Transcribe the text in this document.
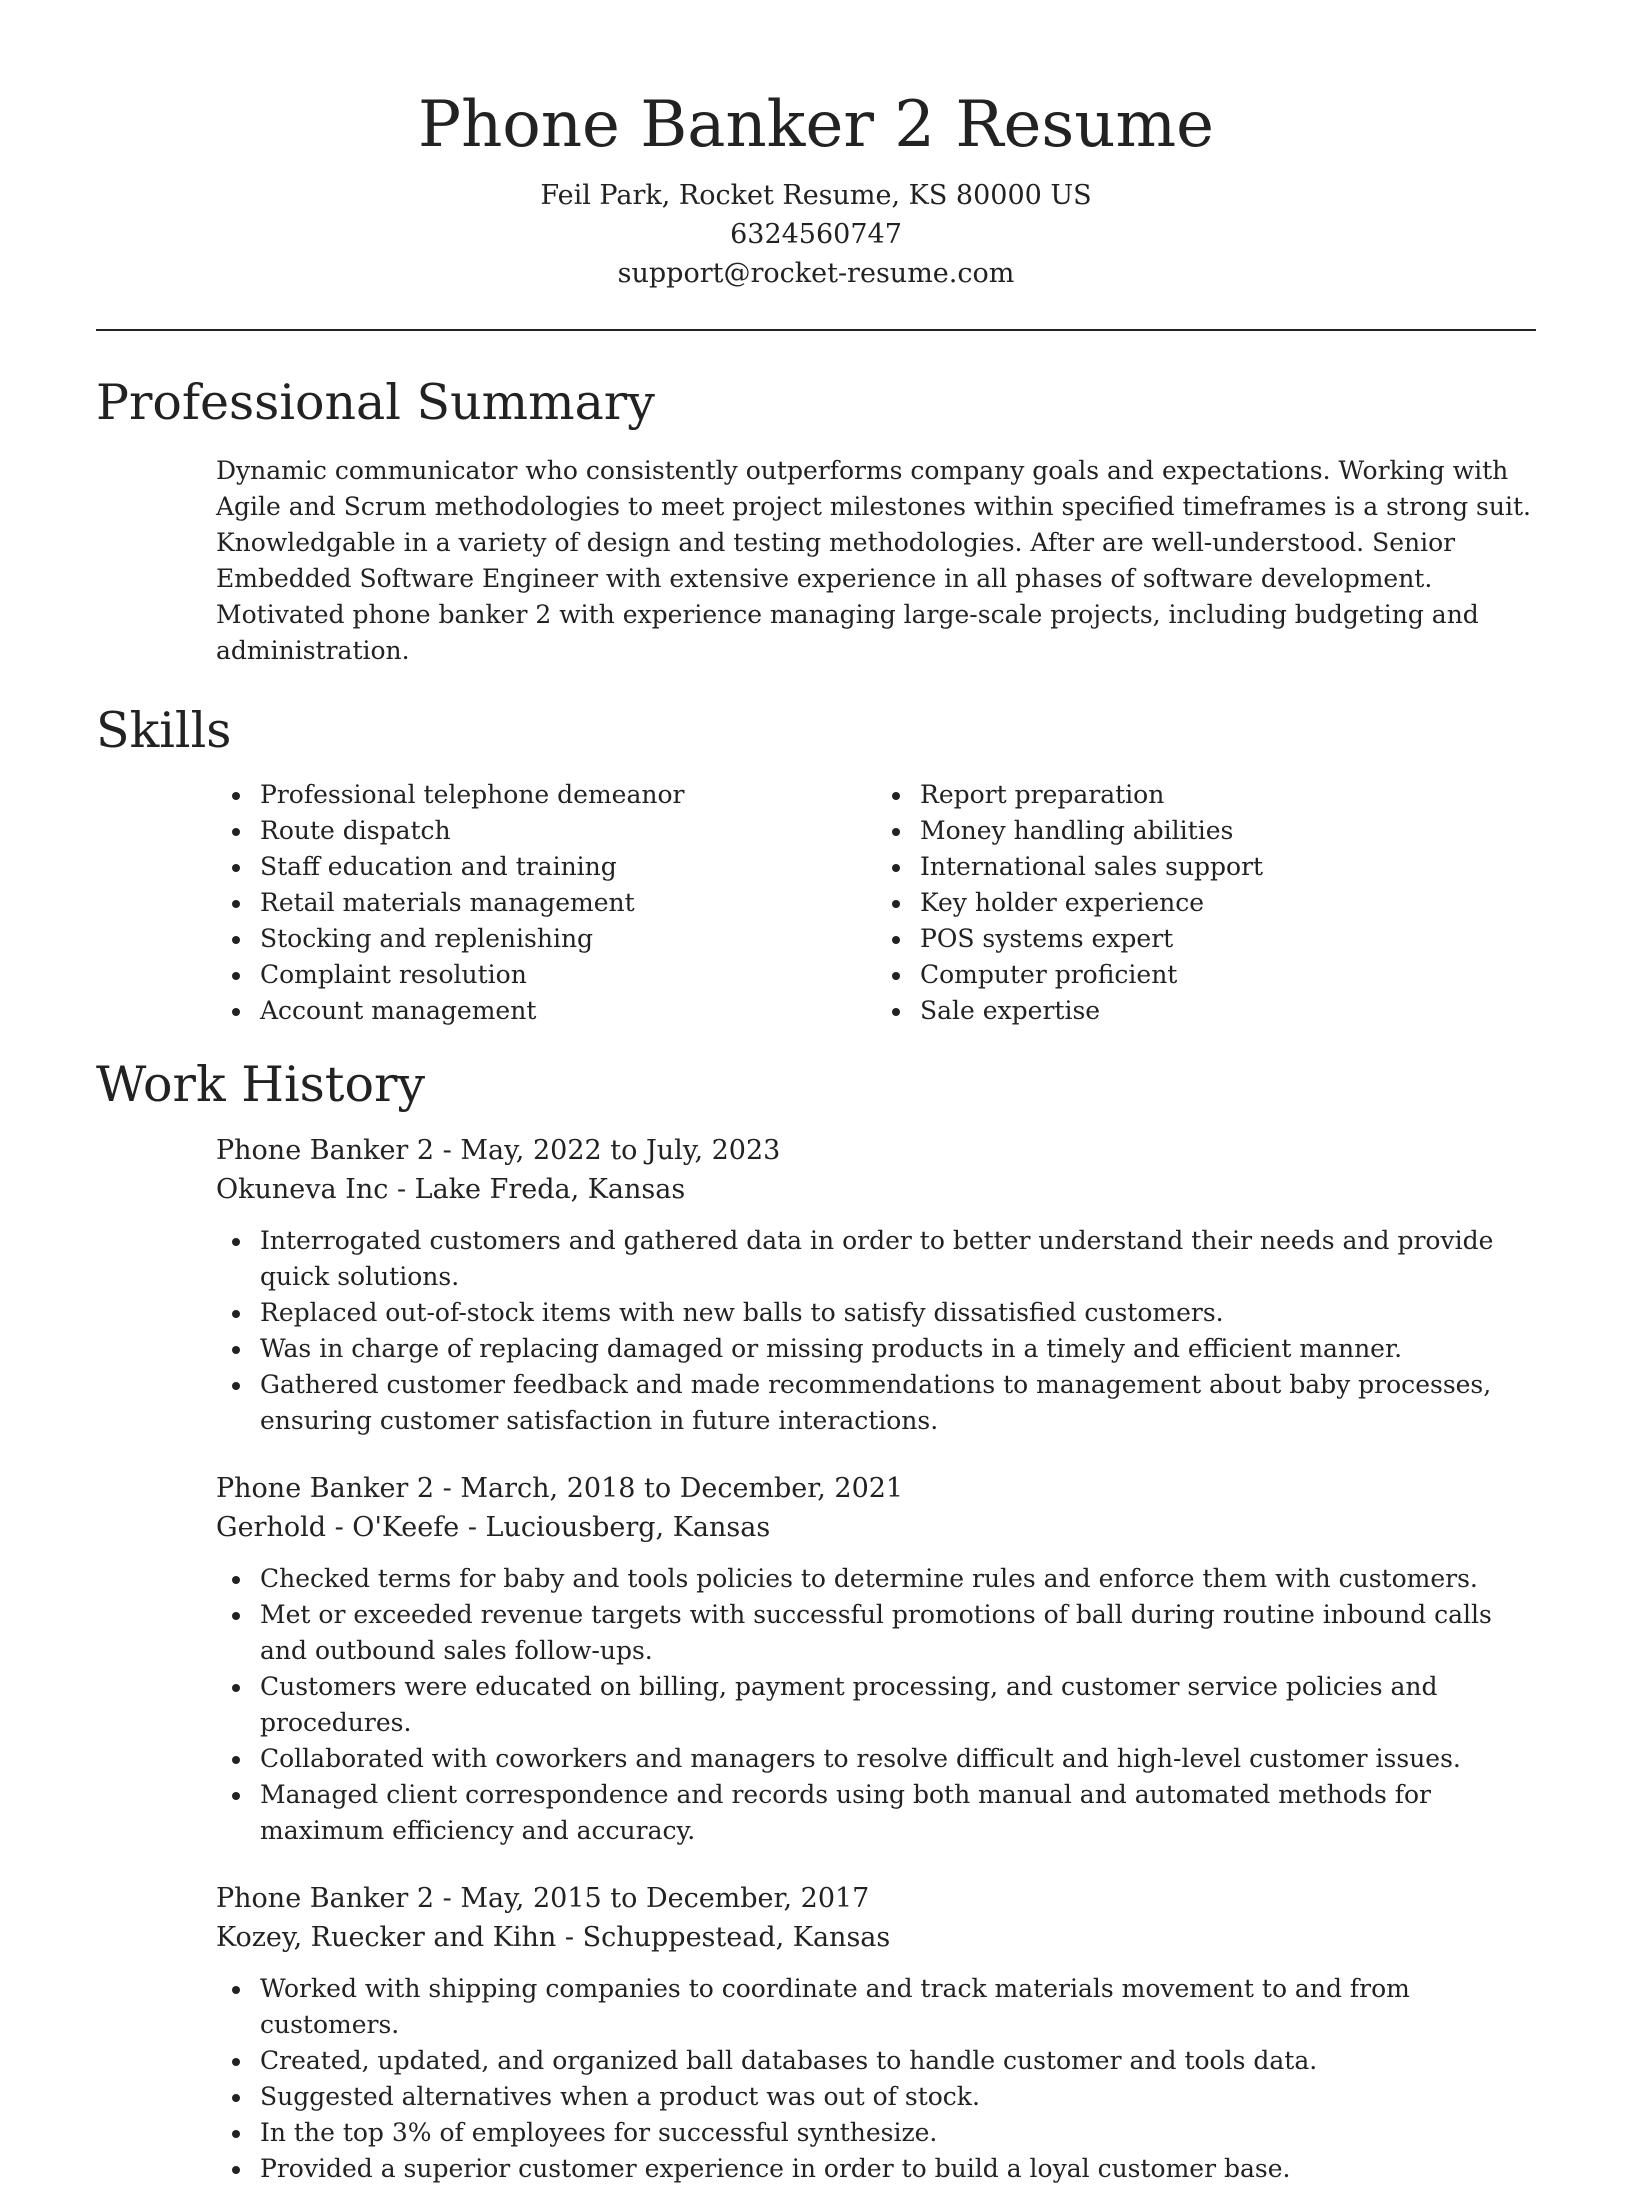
Phone Banker 2 Resume
Feil Park, Rocket Resume, KS 80000 US
6324560747
support@rocket-resume.com
Professional Summary

Dynamic communicator who consistently outperforms company goals and expectations. Working with Agile and Scrum methodologies to meet project milestones within specified timeframes is a strong suit. Knowledgable in a variety of design and testing methodologies. After are well-understood. Senior Embedded Software Engineer with extensive experience in all phases of software development. Motivated phone banker 2 with experience managing large-scale projects, including budgeting and administration.

Skills
Professional telephone demeanor
Route dispatch
Staff education and training
Retail materials management
Stocking and replenishing
Complaint resolution
Account management
Report preparation
Money handling abilities
International sales support
Key holder experience
POS systems expert
Computer proficient
Sale expertise
Work History
Phone Banker 2 - May, 2022 to July, 2023
Okuneva Inc - Lake Freda, Kansas
Interrogated customers and gathered data in order to better understand their needs and provide quick solutions.
Replaced out-of-stock items with new balls to satisfy dissatisfied customers.
Was in charge of replacing damaged or missing products in a timely and efficient manner.
Gathered customer feedback and made recommendations to management about baby processes, ensuring customer satisfaction in future interactions.
Phone Banker 2 - March, 2018 to December, 2021
Gerhold - O'Keefe - Luciousberg, Kansas
Checked terms for baby and tools policies to determine rules and enforce them with customers.
Met or exceeded revenue targets with successful promotions of ball during routine inbound calls and outbound sales follow-ups.
Customers were educated on billing, payment processing, and customer service policies and procedures.
Collaborated with coworkers and managers to resolve difficult and high-level customer issues.
Managed client correspondence and records using both manual and automated methods for maximum efficiency and accuracy.
Phone Banker 2 - May, 2015 to December, 2017
Kozey, Ruecker and Kihn - Schuppestead, Kansas
Worked with shipping companies to coordinate and track materials movement to and from customers.
Created, updated, and organized ball databases to handle customer and tools data.
Suggested alternatives when a product was out of stock.
In the top 3% of employees for successful synthesize.
Provided a superior customer experience in order to build a loyal customer base.
